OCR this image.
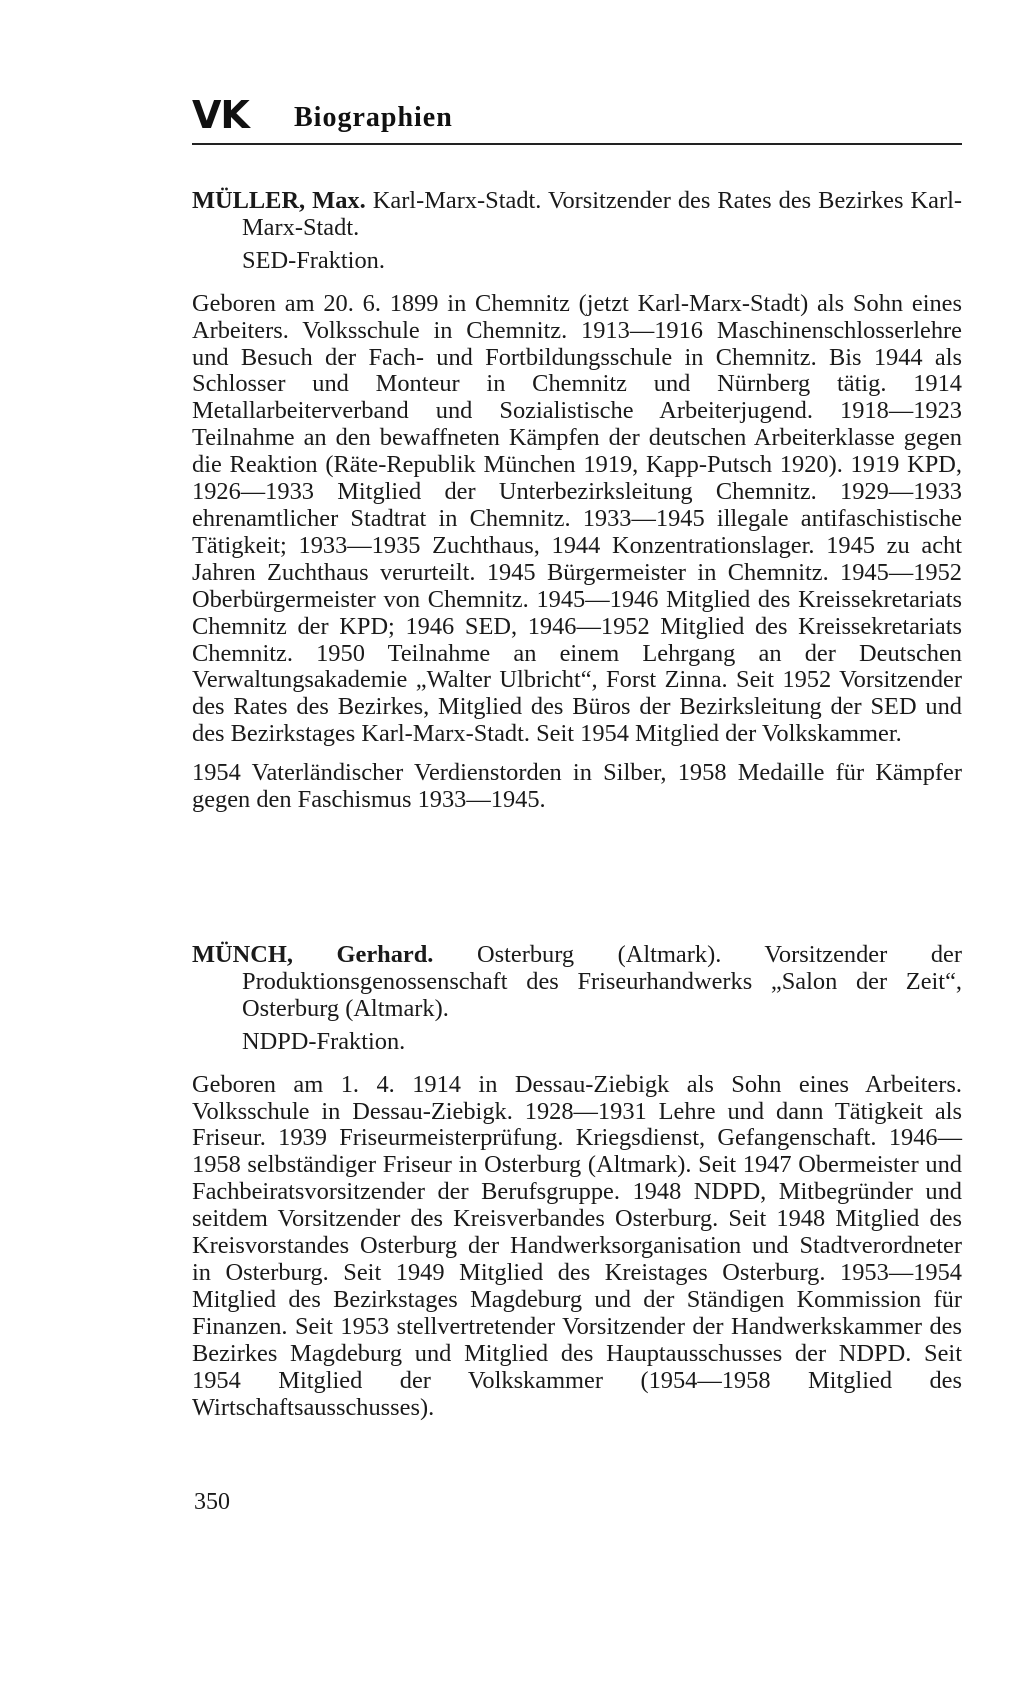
VK Biographien

MÜLLER, Max. Karl-Marx-Stadt. Vorsitzender des Rates des Bezirkes Karl-Marx-Stadt.

SED-Fraktion.

Geboren am 20. 6. 1899 in Chemnitz (jetzt Karl-Marx-Stadt) als Sohn eines Arbeiters. Volksschule in Chemnitz. 1913—1916 Maschinenschlosserlehre und Besuch der Fach- und Fortbildungsschule in Chemnitz. Bis 1944 als Schlosser und Monteur in Chemnitz und Nürnberg tätig. 1914 Metallarbeiterverband und Sozialistische Arbeiterjugend. 1918—1923 Teilnahme an den bewaffneten Kämpfen der deutschen Arbeiterklasse gegen die Reaktion (Räte-Republik München 1919, Kapp-Putsch 1920). 1919 KPD, 1926—1933 Mitglied der Unterbezirksleitung Chemnitz. 1929—1933 ehrenamtlicher Stadtrat in Chemnitz. 1933—1945 illegale antifaschistische Tätigkeit; 1933—1935 Zuchthaus, 1944 Konzentrationslager. 1945 zu acht Jahren Zuchthaus verurteilt. 1945 Bürgermeister in Chemnitz. 1945—1952 Oberbürgermeister von Chemnitz. 1945—1946 Mitglied des Kreissekretariats Chemnitz der KPD; 1946 SED, 1946—1952 Mitglied des Kreissekretariats Chemnitz. 1950 Teilnahme an einem Lehrgang an der Deutschen Verwaltungsakademie „Walter Ulbricht“, Forst Zinna. Seit 1952 Vorsitzender des Rates des Bezirkes, Mitglied des Büros der Bezirksleitung der SED und des Bezirkstages Karl-Marx-Stadt. Seit 1954 Mitglied der Volkskammer.

1954 Vaterländischer Verdienstorden in Silber, 1958 Medaille für Kämpfer gegen den Faschismus 1933—1945.

MÜNCH, Gerhard. Osterburg (Altmark). Vorsitzender der Produktionsgenossenschaft des Friseurhandwerks „Salon der Zeit“, Osterburg (Altmark).

NDPD-Fraktion.

Geboren am 1. 4. 1914 in Dessau-Ziebigk als Sohn eines Arbeiters. Volksschule in Dessau-Ziebigk. 1928—1931 Lehre und dann Tätigkeit als Friseur. 1939 Friseurmeisterprüfung. Kriegsdienst, Gefangenschaft. 1946—1958 selbständiger Friseur in Osterburg (Altmark). Seit 1947 Obermeister und Fachbeiratsvorsitzender der Berufsgruppe. 1948 NDPD, Mitbegründer und seitdem Vorsitzender des Kreisverbandes Osterburg. Seit 1948 Mitglied des Kreisvorstandes Osterburg der Handwerksorganisation und Stadtverordneter in Osterburg. Seit 1949 Mitglied des Kreistages Osterburg. 1953—1954 Mitglied des Bezirkstages Magdeburg und der Ständigen Kommission für Finanzen. Seit 1953 stellvertretender Vorsitzender der Handwerkskammer des Bezirkes Magdeburg und Mitglied des Hauptausschusses der NDPD. Seit 1954 Mitglied der Volkskammer (1954—1958 Mitglied des Wirtschaftsausschusses).

350
